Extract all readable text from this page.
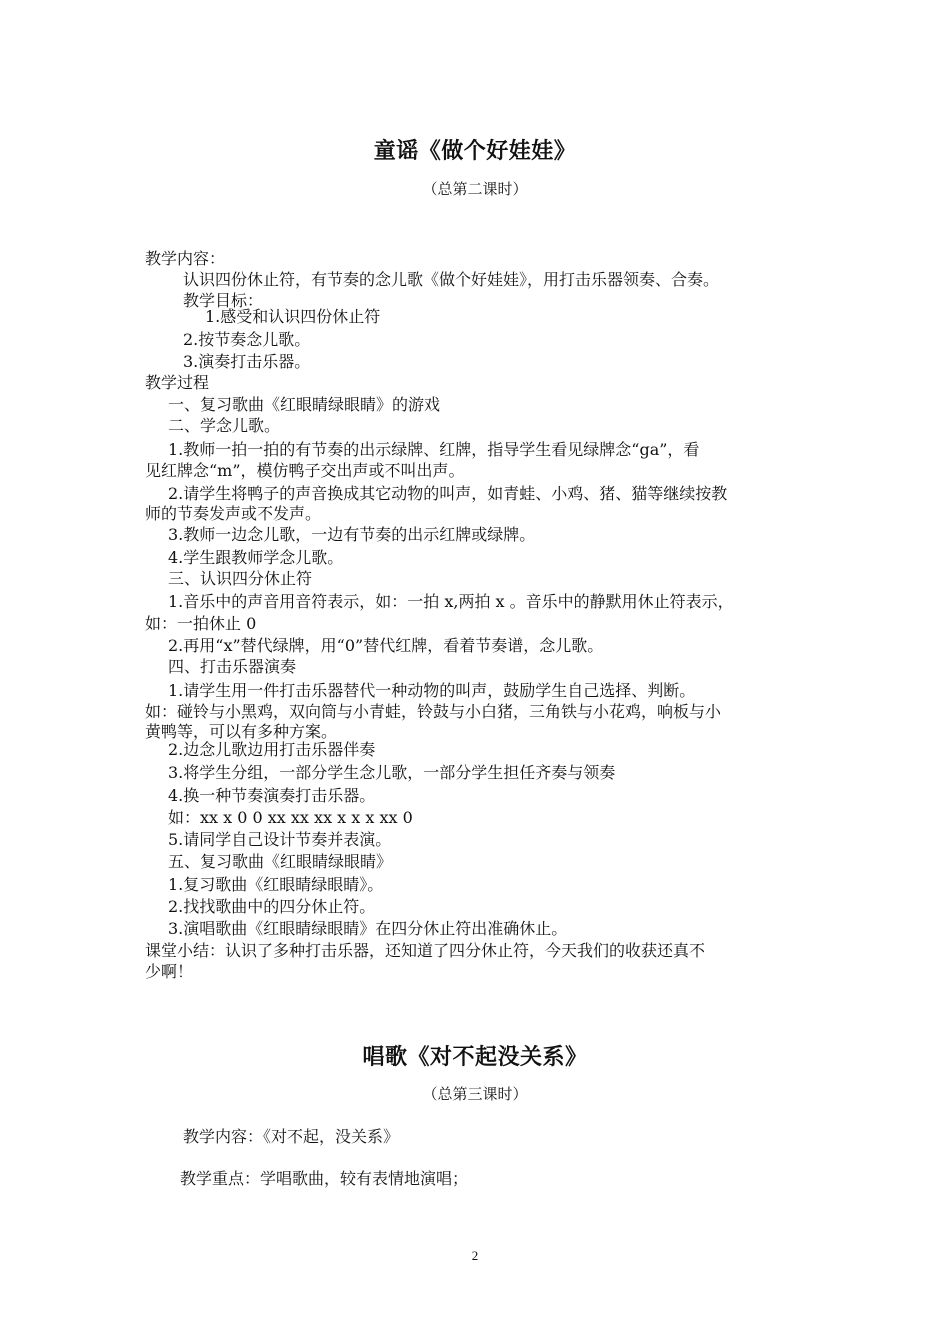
童谣《做个好娃娃》
（总第二课时）
教学内容：
认识四份休止符，有节奏的念儿歌《做个好娃娃》，用打击乐器领奏、合奏。
教学目标：
1.感受和认识四份休止符
2.按节奏念儿歌。
3.演奏打击乐器。
教学过程
一、复习歌曲《红眼睛绿眼睛》的游戏
二、学念儿歌。
1.教师一拍一拍的有节奏的出示绿牌、红牌，指导学生看见绿牌念“ga”，看
见红牌念“m”，模仿鸭子交出声或不叫出声。
2.请学生将鸭子的声音换成其它动物的叫声，如青蛙、小鸡、猪、猫等继续按教
师的节奏发声或不发声。
3.教师一边念儿歌，一边有节奏的出示红牌或绿牌。
4.学生跟教师学念儿歌。
三、认识四分休止符
1.音乐中的声音用音符表示，如：一拍 x,两拍 x 。音乐中的静默用休止符表示，
如：一拍休止 0
2.再用“x”替代绿牌，用“0”替代红牌，看着节奏谱，念儿歌。
四、打击乐器演奏
1.请学生用一件打击乐器替代一种动物的叫声，鼓励学生自己选择、判断。
如：碰铃与小黑鸡，双向筒与小青蛙，铃鼓与小白猪，三角铁与小花鸡，响板与小
黄鸭等，可以有多种方案。
2.边念儿歌边用打击乐器伴奏
3.将学生分组，一部分学生念儿歌，一部分学生担任齐奏与领奏
4.换一种节奏演奏打击乐器。
如：xx x 0 0 xx xx xx x x x xx 0
5.请同学自己设计节奏并表演。
五、复习歌曲《红眼睛绿眼睛》
1.复习歌曲《红眼睛绿眼睛》。
2.找找歌曲中的四分休止符。
3.演唱歌曲《红眼睛绿眼睛》在四分休止符出准确休止。
课堂小结：认识了多种打击乐器，还知道了四分休止符，今天我们的收获还真不
少啊！
唱歌《对不起没关系》
（总第三课时）
教学内容：《对不起，没关系》
教学重点：学唱歌曲，较有表情地演唱；
2
